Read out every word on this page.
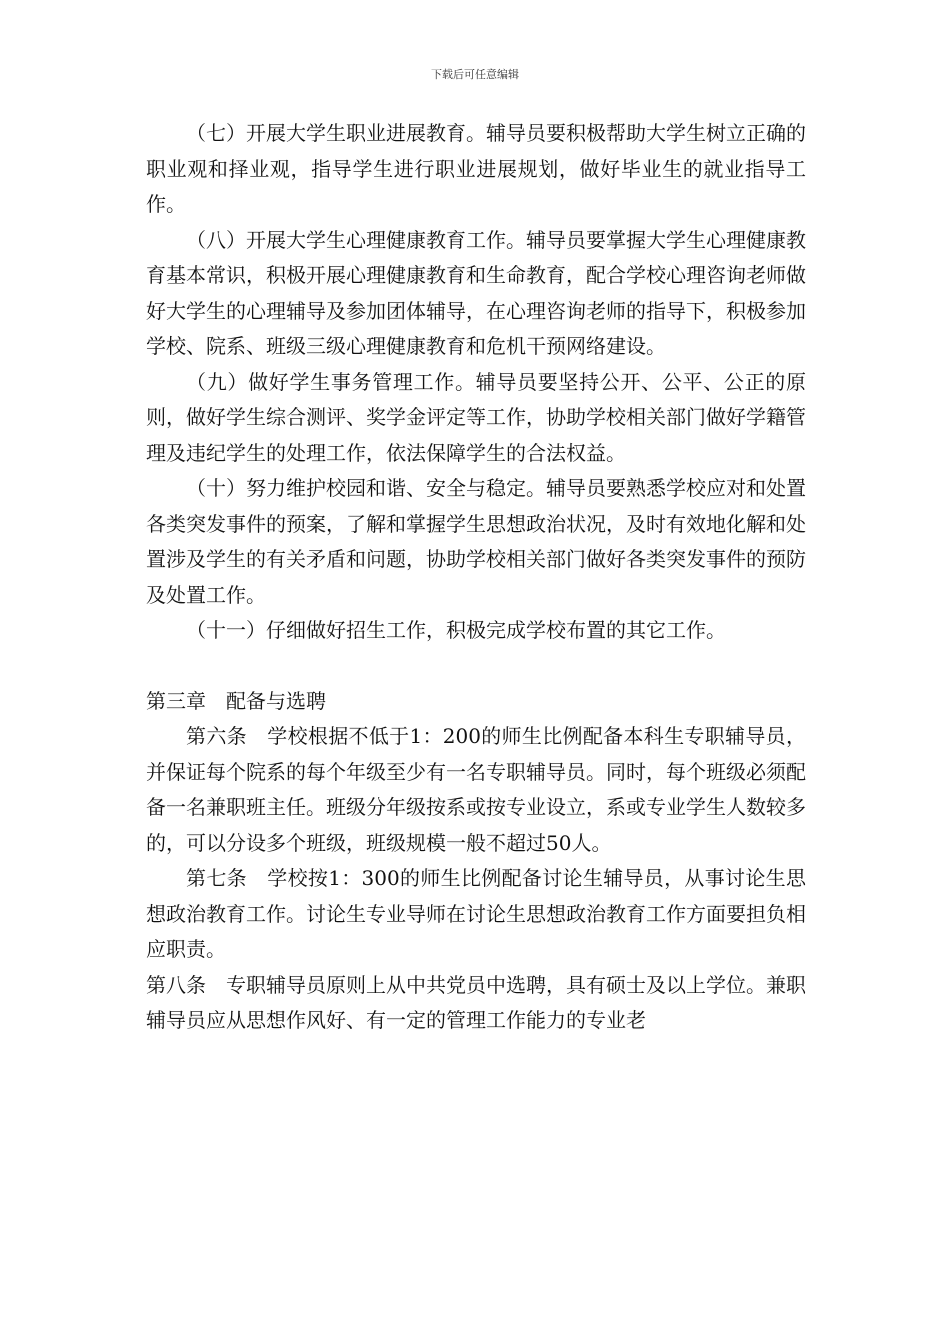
下载后可任意编辑

（七）开展大学生职业进展教育。辅导员要积极帮助大学生树立正确的职业观和择业观，指导学生进行职业进展规划，做好毕业生的就业指导工作。

（八）开展大学生心理健康教育工作。辅导员要掌握大学生心理健康教育基本常识，积极开展心理健康教育和生命教育，配合学校心理咨询老师做好大学生的心理辅导及参加团体辅导，在心理咨询老师的指导下，积极参加学校、院系、班级三级心理健康教育和危机干预网络建设。

（九）做好学生事务管理工作。辅导员要坚持公开、公平、公正的原则，做好学生综合测评、奖学金评定等工作，协助学校相关部门做好学籍管理及违纪学生的处理工作，依法保障学生的合法权益。

（十）努力维护校园和谐、安全与稳定。辅导员要熟悉学校应对和处置各类突发事件的预案，了解和掌握学生思想政治状况，及时有效地化解和处置涉及学生的有关矛盾和问题，协助学校相关部门做好各类突发事件的预防及处置工作。

（十一）仔细做好招生工作，积极完成学校布置的其它工作。

第三章　配备与选聘

第六条　学校根据不低于1：200的师生比例配备本科生专职辅导员，并保证每个院系的每个年级至少有一名专职辅导员。同时，每个班级必须配备一名兼职班主任。班级分年级按系或按专业设立，系或专业学生人数较多的，可以分设多个班级，班级规模一般不超过50人。

第七条　学校按1：300的师生比例配备讨论生辅导员，从事讨论生思想政治教育工作。讨论生专业导师在讨论生思想政治教育工作方面要担负相应职责。

第八条　专职辅导员原则上从中共党员中选聘，具有硕士及以上学位。兼职辅导员应从思想作风好、有一定的管理工作能力的专业老
